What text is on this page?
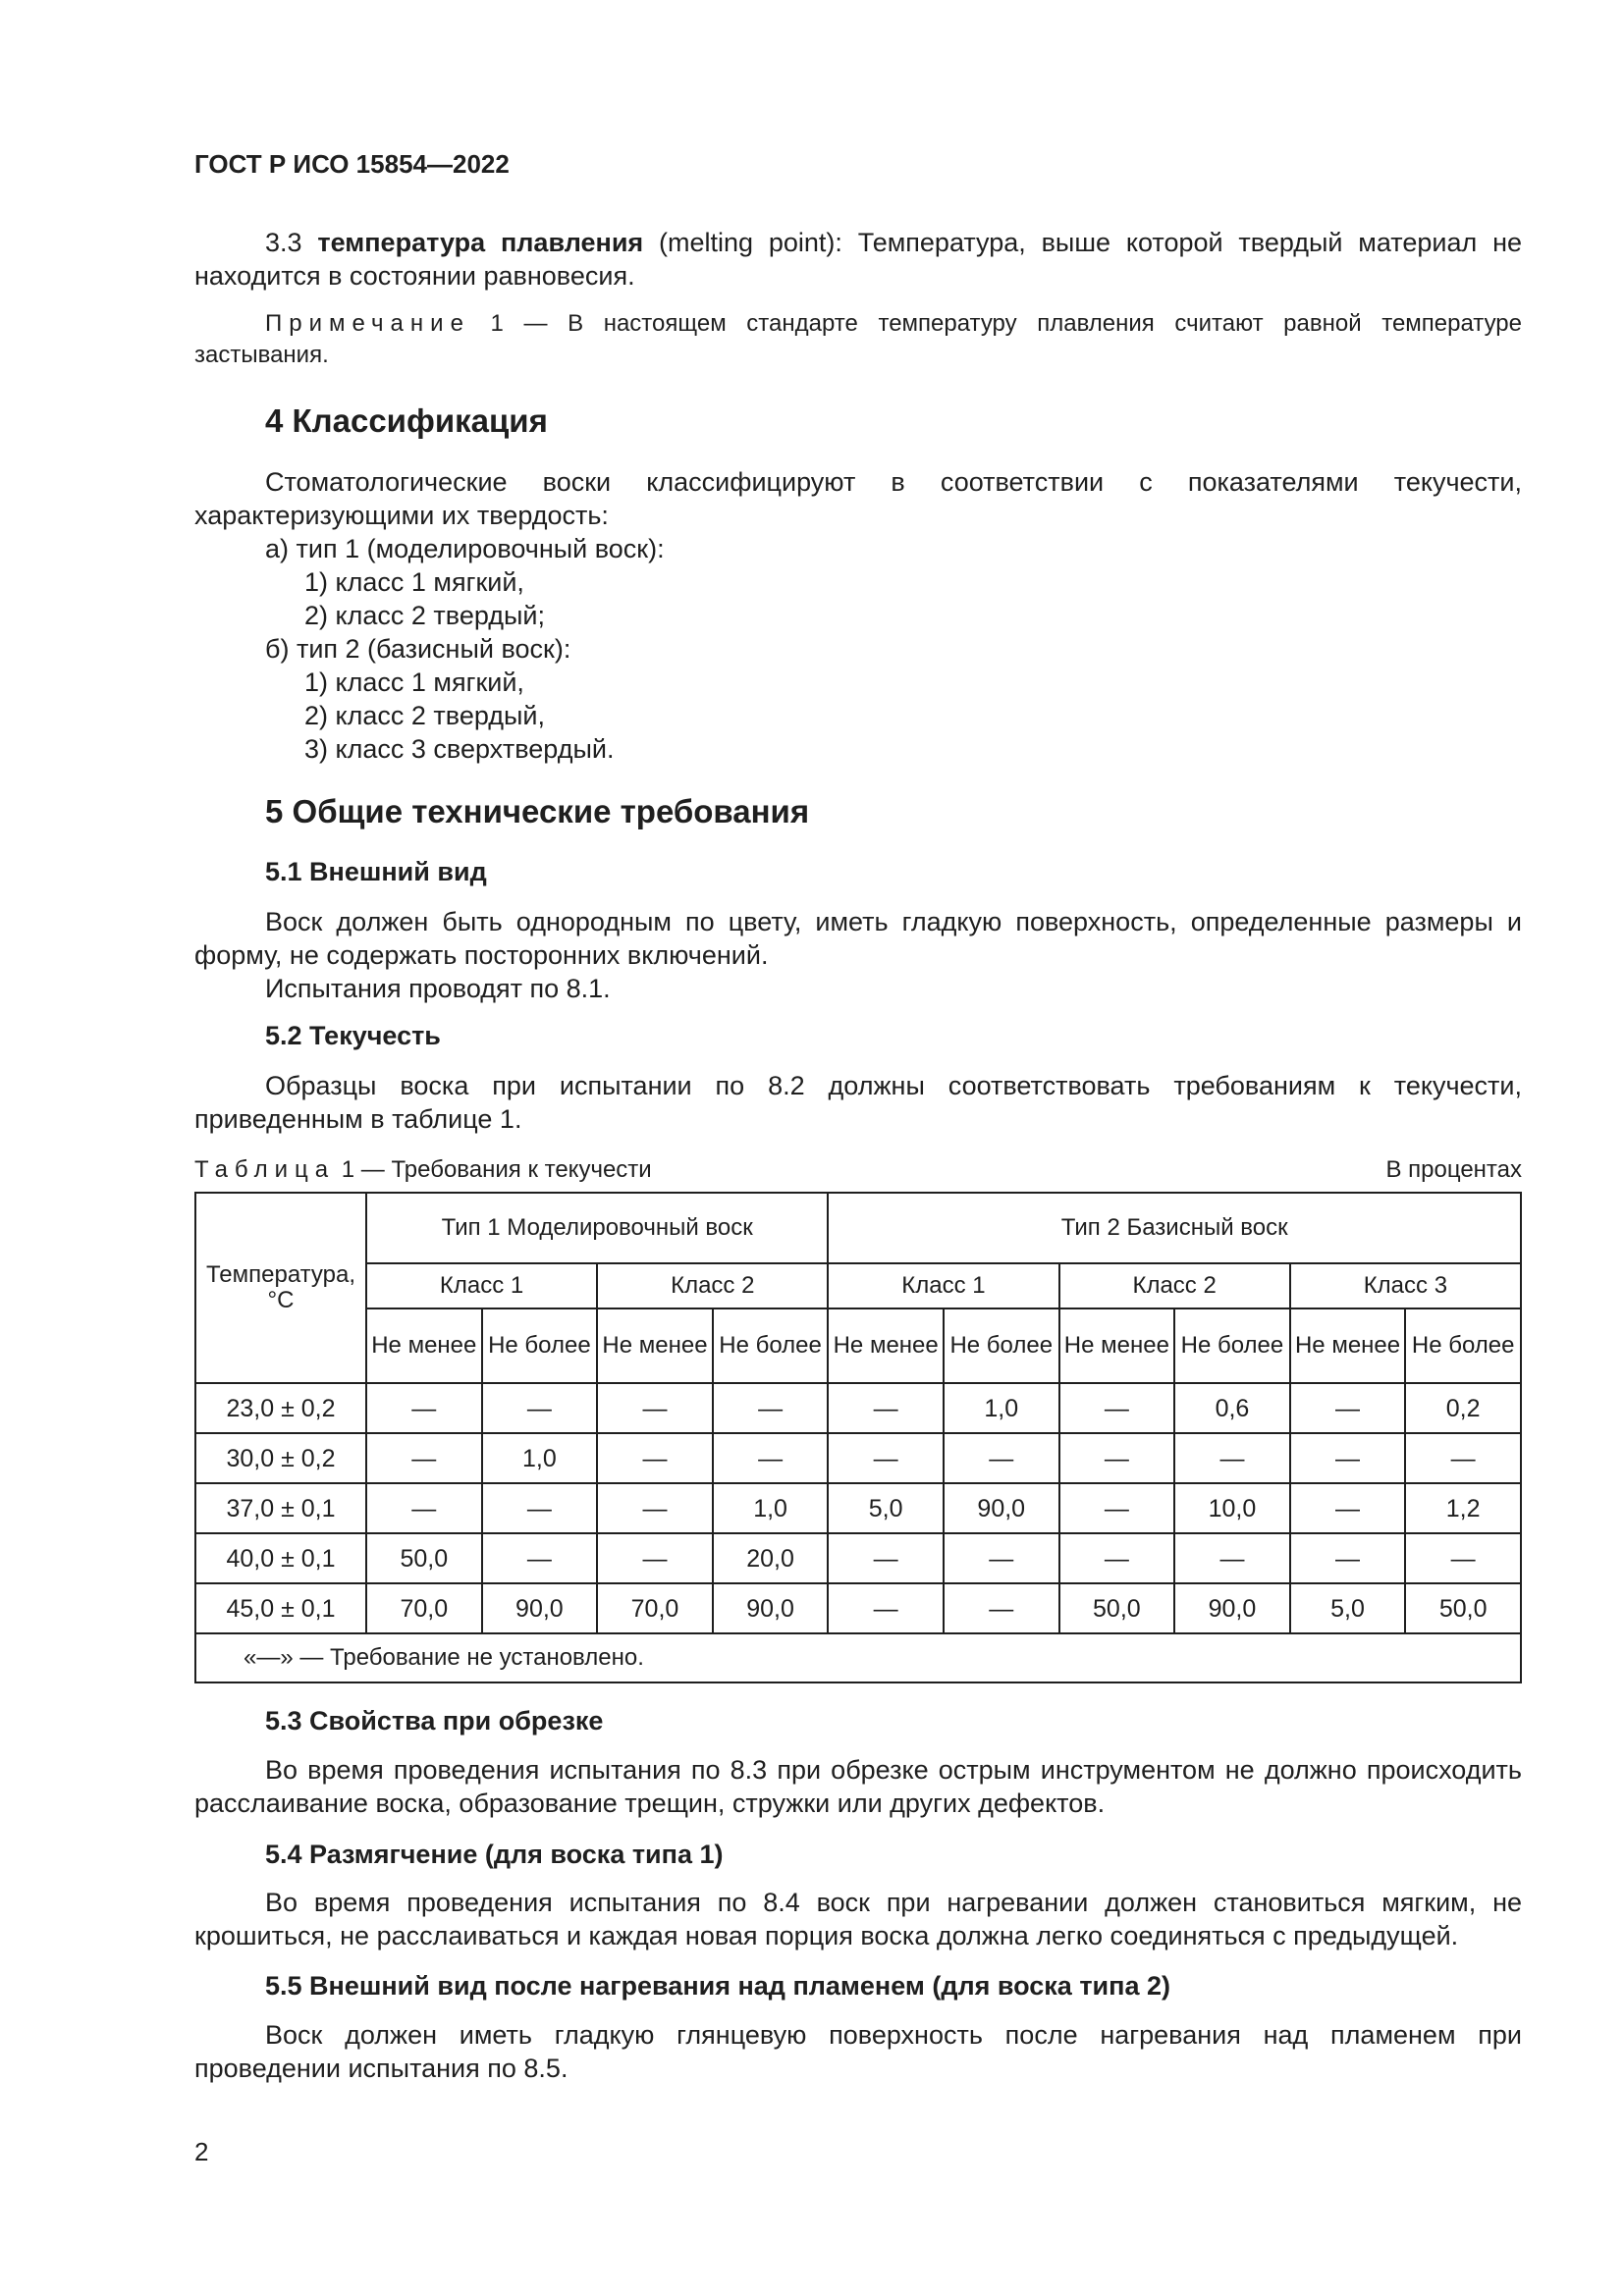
ГОСТ Р ИСО 15854—2022

3.3 температура плавления (melting point): Температура, выше которой твердый материал не находится в состоянии равновесия.

Примечание 1 — В настоящем стандарте температуру плавления считают равной температуре застывания.

4 Классификация

Стоматологические воски классифицируют в соответствии с показателями текучести, характеризующими их твердость:

а) тип 1 (моделировочный воск):

1) класс 1 мягкий,

2) класс 2 твердый;

б) тип 2 (базисный воск):

1) класс 1 мягкий,

2) класс 2 твердый,

3) класс 3 сверхтвердый.

5 Общие технические требования
5.1 Внешний вид

Воск должен быть однородным по цвету, иметь гладкую поверхность, определенные размеры и форму, не содержать посторонних включений.

Испытания проводят по 8.1.

5.2 Текучесть

Образцы воска при испытании по 8.2 должны соответствовать требованиям к текучести, приведенным в таблице 1.

Таблица 1 — Требования к текучести	В процентах
Температура, °С	Тип 1 Моделировочный воск				Тип 2 Базисный воск					
	Класс 1		Класс 2		Класс 1		Класс 2		Класс 3	
	Не менее	Не более	Не менее	Не более	Не менее	Не более	Не менее	Не более	Не менее	Не более
23,0 ± 0,2	—	—	—	—	—	1,0	—	0,6	—	0,2
30,0 ± 0,2	—	1,0	—	—	—	—	—	—	—	—
37,0 ± 0,1	—	—	—	1,0	5,0	90,0	—	10,0	—	1,2
40,0 ± 0,1	50,0	—	—	20,0	—	—	—	—	—	—
45,0 ± 0,1	70,0	90,0	70,0	90,0	—	—	50,0	90,0	5,0	50,0
«—» — Требование не установлено.										
5.3 Свойства при обрезке

Во время проведения испытания по 8.3 при обрезке острым инструментом не должно происходить расслаивание воска, образование трещин, стружки или других дефектов.

5.4 Размягчение (для воска типа 1)

Во время проведения испытания по 8.4 воск при нагревании должен становиться мягким, не крошиться, не расслаиваться и каждая новая порция воска должна легко соединяться с предыдущей.

5.5 Внешний вид после нагревания над пламенем (для воска типа 2)

Воск должен иметь гладкую глянцевую поверхность после нагревания над пламенем при проведении испытания по 8.5.

2
